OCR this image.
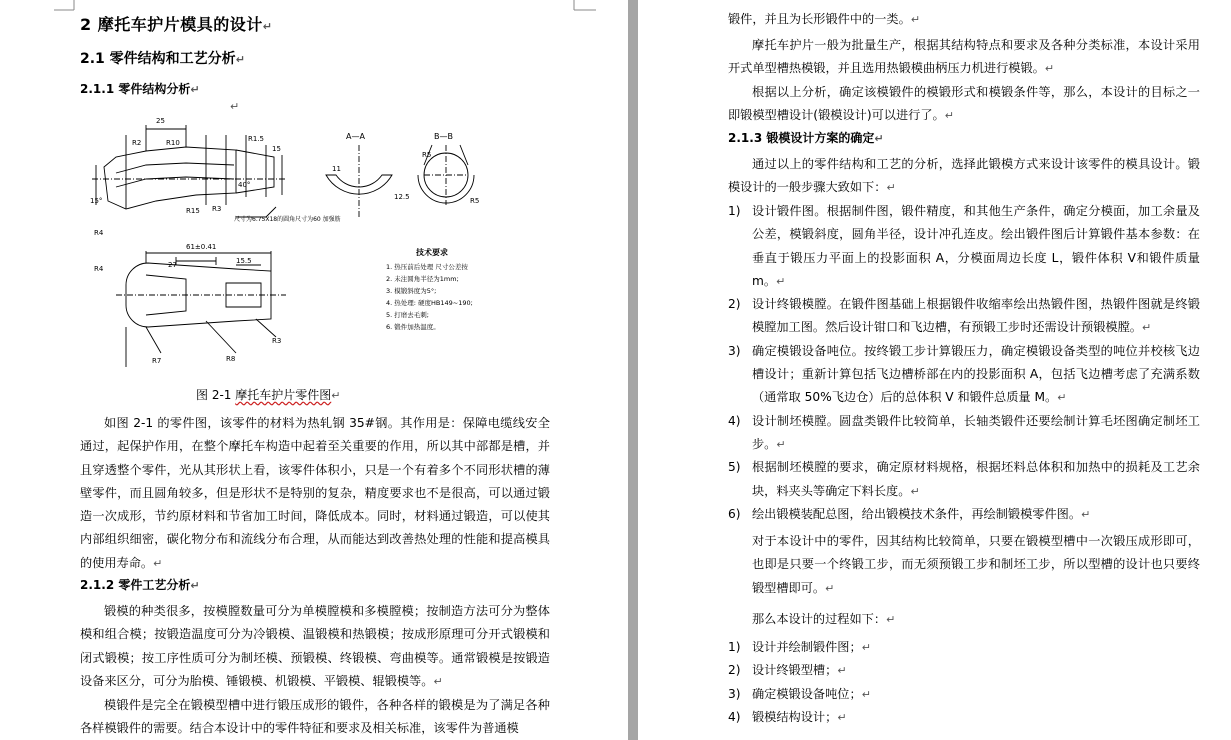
2 摩托车护片模具的设计↵
2.1 零件结构和工艺分析↵
2.1.1 零件结构分析↵
↵
25
15
61±0.41
27	15.5
A—A	B—B
尺寸为6.75X18的圆角尺寸为60 加强筋
技术要求
1. 热压前后处理 尺寸公差按
2. 未注圆角半径为1mm;
3. 模锻斜度为5°;
4. 热处理: 硬度HB149~190;
5. 打磨去毛刺;
6. 锻件加热温度。
R2	R10
R15 R3
R1.5
40°
11
12.5
R5
R5
15°
R4
R4
R3
R8
R7
图 2-1 摩托车护片零件图↵

如图 2-1 的零件图，该零件的材料为热轧钢 35#钢。其作用是：保障电缆线安全通过，起保护作用，在整个摩托车构造中起着至关重要的作用，所以其中部都是槽，并且穿透整个零件，光从其形状上看，该零件体积小，只是一个有着多个不同形状槽的薄壁零件，而且圆角较多，但是形状不是特别的复杂，精度要求也不是很高，可以通过锻造一次成形，节约原材料和节省加工时间，降低成本。同时，材料通过锻造，可以使其内部组织细密，碳化物分布和流线分布合理，从而能达到改善热处理的性能和提高模具的使用寿命。↵

2.1.2 零件工艺分析↵

锻模的种类很多，按模膛数量可分为单模膛模和多模膛模；按制造方法可分为整体模和组合模；按锻造温度可分为冷锻模、温锻模和热锻模；按成形原理可分开式锻模和闭式锻模；按工序性质可分为制坯模、预锻模、终锻模、弯曲模等。通常锻模是按锻造设备来区分，可分为胎模、锤锻模、机锻模、平锻模、辊锻模等。↵

模锻件是完全在锻模型槽中进行锻压成形的锻件，各种各样的锻模是为了满足各种各样模锻件的需要。结合本设计中的零件特征和要求及相关标准，该零件为普通模

锻件，并且为长形锻件中的一类。↵

摩托车护片一般为批量生产，根据其结构特点和要求及各种分类标准，本设计采用开式单型槽热模锻，并且选用热锻模曲柄压力机进行模锻。↵

根据以上分析，确定该模锻件的模锻形式和模锻条件等，那么，本设计的目标之一即锻模型槽设计(锻模设计)可以进行了。↵

2.1.3 锻模设计方案的确定↵

通过以上的零件结构和工艺的分析，选择此锻模方式来设计该零件的模具设计。锻模设计的一般步骤大致如下：↵

1) 设计锻件图。根据制件图，锻件精度，和其他生产条件，确定分模面，加工余量及公差，模锻斜度，圆角半径，设计冲孔连皮。绘出锻件图后计算锻件基本参数：在垂直于锻压力平面上的投影面积 A，分模面周边长度 L，锻件体积 V和锻件质量 m。↵
2) 设计终锻模膛。在锻件图基础上根据锻件收缩率绘出热锻件图，热锻件图就是终锻模膛加工图。然后设计钳口和飞边槽，有预锻工步时还需设计预锻模膛。↵
3) 确定模锻设备吨位。按终锻工步计算锻压力，确定模锻设备类型的吨位并校核飞边槽设计；重新计算包括飞边槽桥部在内的投影面积 A，包括飞边槽考虑了充满系数（通常取 50%飞边仓）后的总体积 V 和锻件总质量 M。↵
4) 设计制坯模膛。圆盘类锻件比较简单，长轴类锻件还要绘制计算毛坯图确定制坯工步。↵
5) 根据制坯模膛的要求，确定原材料规格，根据坯料总体积和加热中的损耗及工艺余块，料夹头等确定下料长度。↵
6) 绘出锻模装配总图，给出锻模技术条件，再绘制锻模零件图。↵

对于本设计中的零件，因其结构比较简单，只要在锻模型槽中一次锻压成形即可，也即是只要一个终锻工步，而无须预锻工步和制坯工步，所以型槽的设计也只要终锻型槽即可。↵

那么本设计的过程如下：↵

1) 设计并绘制锻件图；↵
2) 设计终锻型槽；↵
3) 确定模锻设备吨位；↵
4) 锻模结构设计；↵
